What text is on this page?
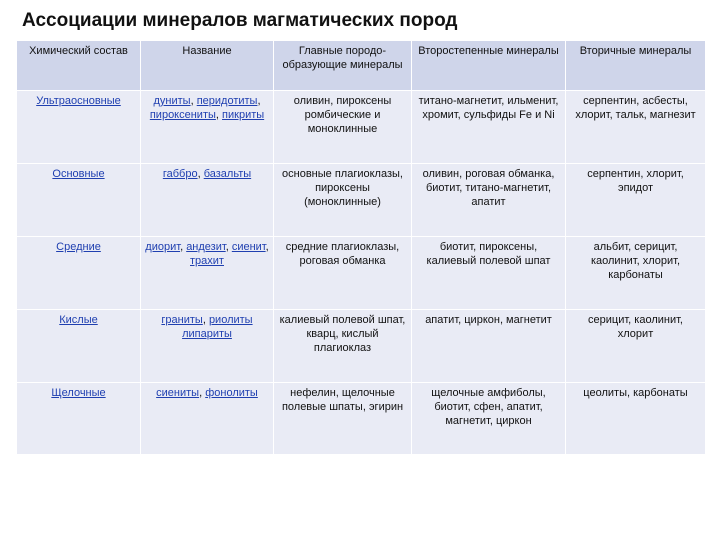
Ассоциации минералов магматических пород
Химический состав	Название	Главные породо-образующие минералы	Второстепенные минералы	Вторичные минералы
Ультраосновные	дуниты, перидотиты, пироксениты, пикриты	оливин, пироксены ромбические и моноклинные	титано-магнетит, ильменит, хромит, сульфиды Fe и Ni	серпентин, асбесты, хлорит, тальк, магнезит
Основные	габбро, базальты	основные плагиоклазы, пироксены (моноклинные)	оливин, роговая обманка, биотит, титано-магнетит, апатит	серпентин, хлорит, эпидот
Средние	диорит, андезит, сиенит, трахит	средние плагиоклазы, роговая обманка	биотит, пироксены, калиевый полевой шпат	альбит, серицит, каолинит, хлорит, карбонаты
Кислые	граниты, риолиты липариты	калиевый полевой шпат, кварц, кислый плагиоклаз	апатит, циркон, магнетит	серицит, каолинит, хлорит
Щелочные	сиениты, фонолиты	нефелин, щелочные полевые шпаты, эгирин	щелочные амфиболы, биотит, сфен, апатит, магнетит, циркон	цеолиты, карбонаты
